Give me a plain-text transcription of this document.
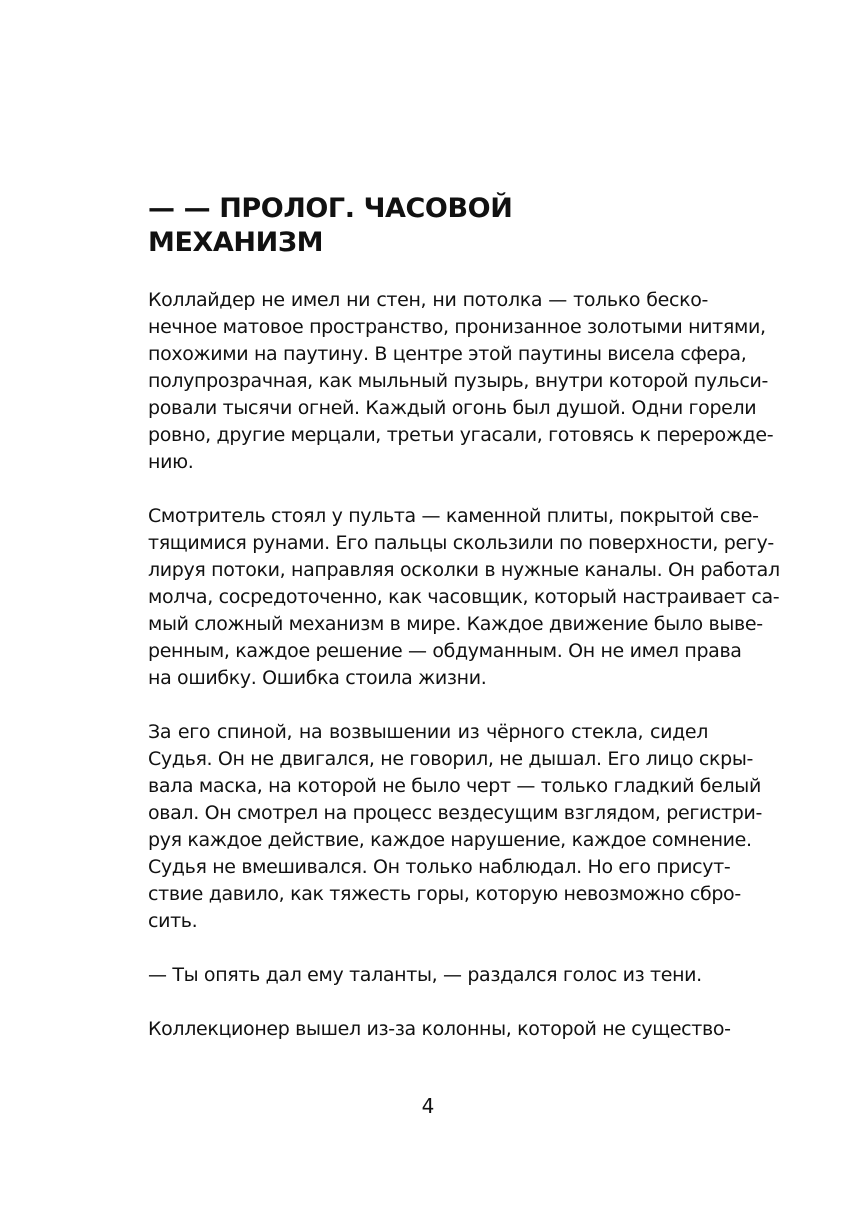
— — ПРОЛОГ. ЧАСОВОЙ
МЕХАНИЗМ

Коллайдер не имел ни стен, ни потолка — только беско-
нечное матовое пространство, пронизанное золотыми нитями,
похожими на паутину. В центре этой паутины висела сфера,
полупрозрачная, как мыльный пузырь, внутри которой пульси-
ровали тысячи огней. Каждый огонь был душой. Одни горели
ровно, другие мерцали, третьи угасали, готовясь к перерожде-
нию.

Смотритель стоял у пульта — каменной плиты, покрытой све-
тящимися рунами. Его пальцы скользили по поверхности, регу-
лируя потоки, направляя осколки в нужные каналы. Он работал
молча, сосредоточенно, как часовщик, который настраивает са-
мый сложный механизм в мире. Каждое движение было выве-
ренным, каждое решение — обдуманным. Он не имел права
на ошибку. Ошибка стоила жизни.

За его спиной, на возвышении из чёрного стекла, сидел
Судья. Он не двигался, не говорил, не дышал. Его лицо скры-
вала маска, на которой не было черт — только гладкий белый
овал. Он смотрел на процесс вездесущим взглядом, регистри-
руя каждое действие, каждое нарушение, каждое сомнение.
Судья не вмешивался. Он только наблюдал. Но его присут-
ствие давило, как тяжесть горы, которую невозможно сбро-
сить.

— Ты опять дал ему таланты, — раздался голос из тени.

Коллекционер вышел из-за колонны, которой не существо-

4
